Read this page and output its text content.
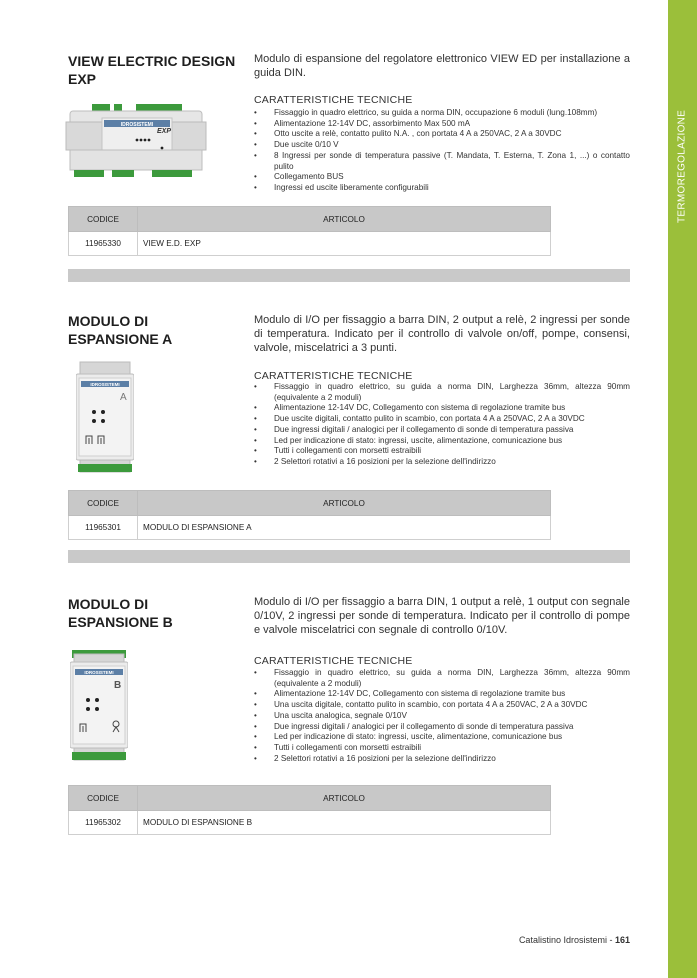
TERMOREGOLAZIONE
VIEW ELECTRIC DESIGN EXP
Modulo di espansione del regolatore elettronico VIEW ED per installazione a guida DIN.
IDROSISTEMI
EXP
CARATTERISTICHE TECNICHE
• Fissaggio in quadro elettrico, su guida a norma DIN, occupazione 6 moduli (lung.108mm)
• Alimentazione 12-14V DC, assorbimento Max 500 mA
• Otto uscite a relè, contatto pulito N.A. , con portata 4 A a 250VAC, 2 A a 30VDC
• Due uscite 0/10 V
• 8 Ingressi per sonde di temperatura passive (T. Mandata, T. Esterna, T. Zona 1, ...) o contatto pulito
• Collegamento BUS
• Ingressi ed uscite liberamente configurabili
CODICE	ARTICOLO
11965330	VIEW E.D. EXP
MODULO DI ESPANSIONE A
Modulo di I/O per fissaggio a barra DIN, 2 output a relè, 2 ingressi per sonde di temperatura. Indicato per il controllo di valvole on/off, pompe, consensi, valvole, miscelatrici a 3 punti.
IDROSISTEMI
A
CARATTERISTICHE TECNICHE
• Fissaggio in quadro elettrico, su guida a norma DIN, Larghezza 36mm, altezza 90mm (equivalente a 2 moduli)
• Alimentazione 12-14V DC, Collegamento con sistema di regolazione tramite bus
• Due uscite digitali, contatto pulito in scambio, con portata 4 A a 250VAC, 2 A a 30VDC
• Due ingressi digitali / analogici per il collegamento di sonde di temperatura passiva
• Led per indicazione di stato: ingressi, uscite, alimentazione, comunicazione bus
• Tutti i collegamenti con morsetti estraibili
• 2 Selettori rotativi a 16 posizioni per la selezione dell'indirizzo
CODICE	ARTICOLO
11965301	MODULO DI ESPANSIONE A
MODULO DI ESPANSIONE B
Modulo di I/O per fissaggio a barra DIN, 1 output a relè, 1 output con segnale 0/10V, 2 ingressi per sonde di temperatura. Indicato per il controllo di pompe e valvole miscelatrici con segnale di controllo 0/10V.
IDROSISTEMI
B
CARATTERISTICHE TECNICHE
• Fissaggio in quadro elettrico, su guida a norma DIN, Larghezza 36mm, altezza 90mm (equivalente a 2 moduli)
• Alimentazione 12-14V DC, Collegamento con sistema di regolazione tramite bus
• Una uscita digitale, contatto pulito in scambio, con portata 4 A a 250VAC, 2 A a 30VDC
• Una uscita analogica, segnale 0/10V
• Due ingressi digitali / analogici per il collegamento di sonde di temperatura passiva
• Led per indicazione di stato: ingressi, uscite, alimentazione, comunicazione bus
• Tutti i collegamenti con morsetti estraibili
• 2 Selettori rotativi a 16 posizioni per la selezione dell'indirizzo
CODICE	ARTICOLO
11965302	MODULO DI ESPANSIONE B
Catalistino Idrosistemi - 161
